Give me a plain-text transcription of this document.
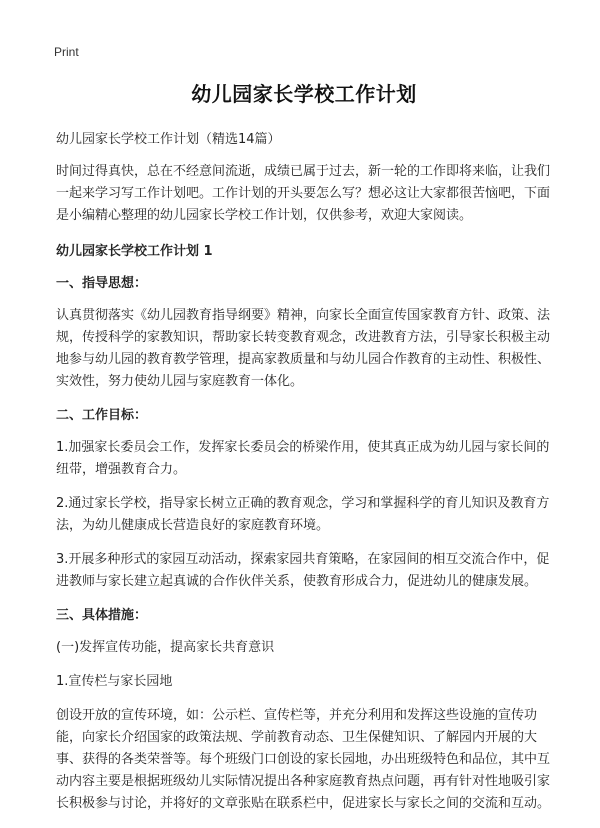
Print
幼儿园家长学校工作计划

幼儿园家长学校工作计划（精选14篇）

时间过得真快，总在不经意间流逝，成绩已属于过去，新一轮的工作即将来临，让我们一起来学习写工作计划吧。工作计划的开头要怎么写？想必这让大家都很苦恼吧，下面是小编精心整理的幼儿园家长学校工作计划，仅供参考，欢迎大家阅读。

幼儿园家长学校工作计划 1

一、指导思想：

认真贯彻落实《幼儿园教育指导纲要》精神，向家长全面宣传国家教育方针、政策、法规，传授科学的家教知识，帮助家长转变教育观念，改进教育方法，引导家长积极主动地参与幼儿园的教育教学管理，提高家教质量和与幼儿园合作教育的主动性、积极性、实效性，努力使幼儿园与家庭教育一体化。

二、工作目标：

1.加强家长委员会工作，发挥家长委员会的桥梁作用，使其真正成为幼儿园与家长间的纽带，增强教育合力。

2.通过家长学校，指导家长树立正确的教育观念，学习和掌握科学的育儿知识及教育方法，为幼儿健康成长营造良好的家庭教育环境。

3.开展多种形式的家园互动活动，探索家园共育策略，在家园间的相互交流合作中，促进教师与家长建立起真诚的合作伙伴关系，使教育形成合力，促进幼儿的健康发展。

三、具体措施：

(一)发挥宣传功能，提高家长共育意识

1.宣传栏与家长园地

创设开放的宣传环境，如：公示栏、宣传栏等，并充分利用和发挥这些设施的宣传功能，向家长介绍国家的政策法规、学前教育动态、卫生保健知识、了解园内开展的大事、获得的各类荣誉等。每个班级门口创设的家长园地，办出班级特色和品位，其中互动内容主要是根据班级幼儿实际情况提出各种家庭教育热点问题，再有针对性地吸引家长积极参与讨论，并将好的文章张贴在联系栏中，促进家长与家长之间的交流和互动。
